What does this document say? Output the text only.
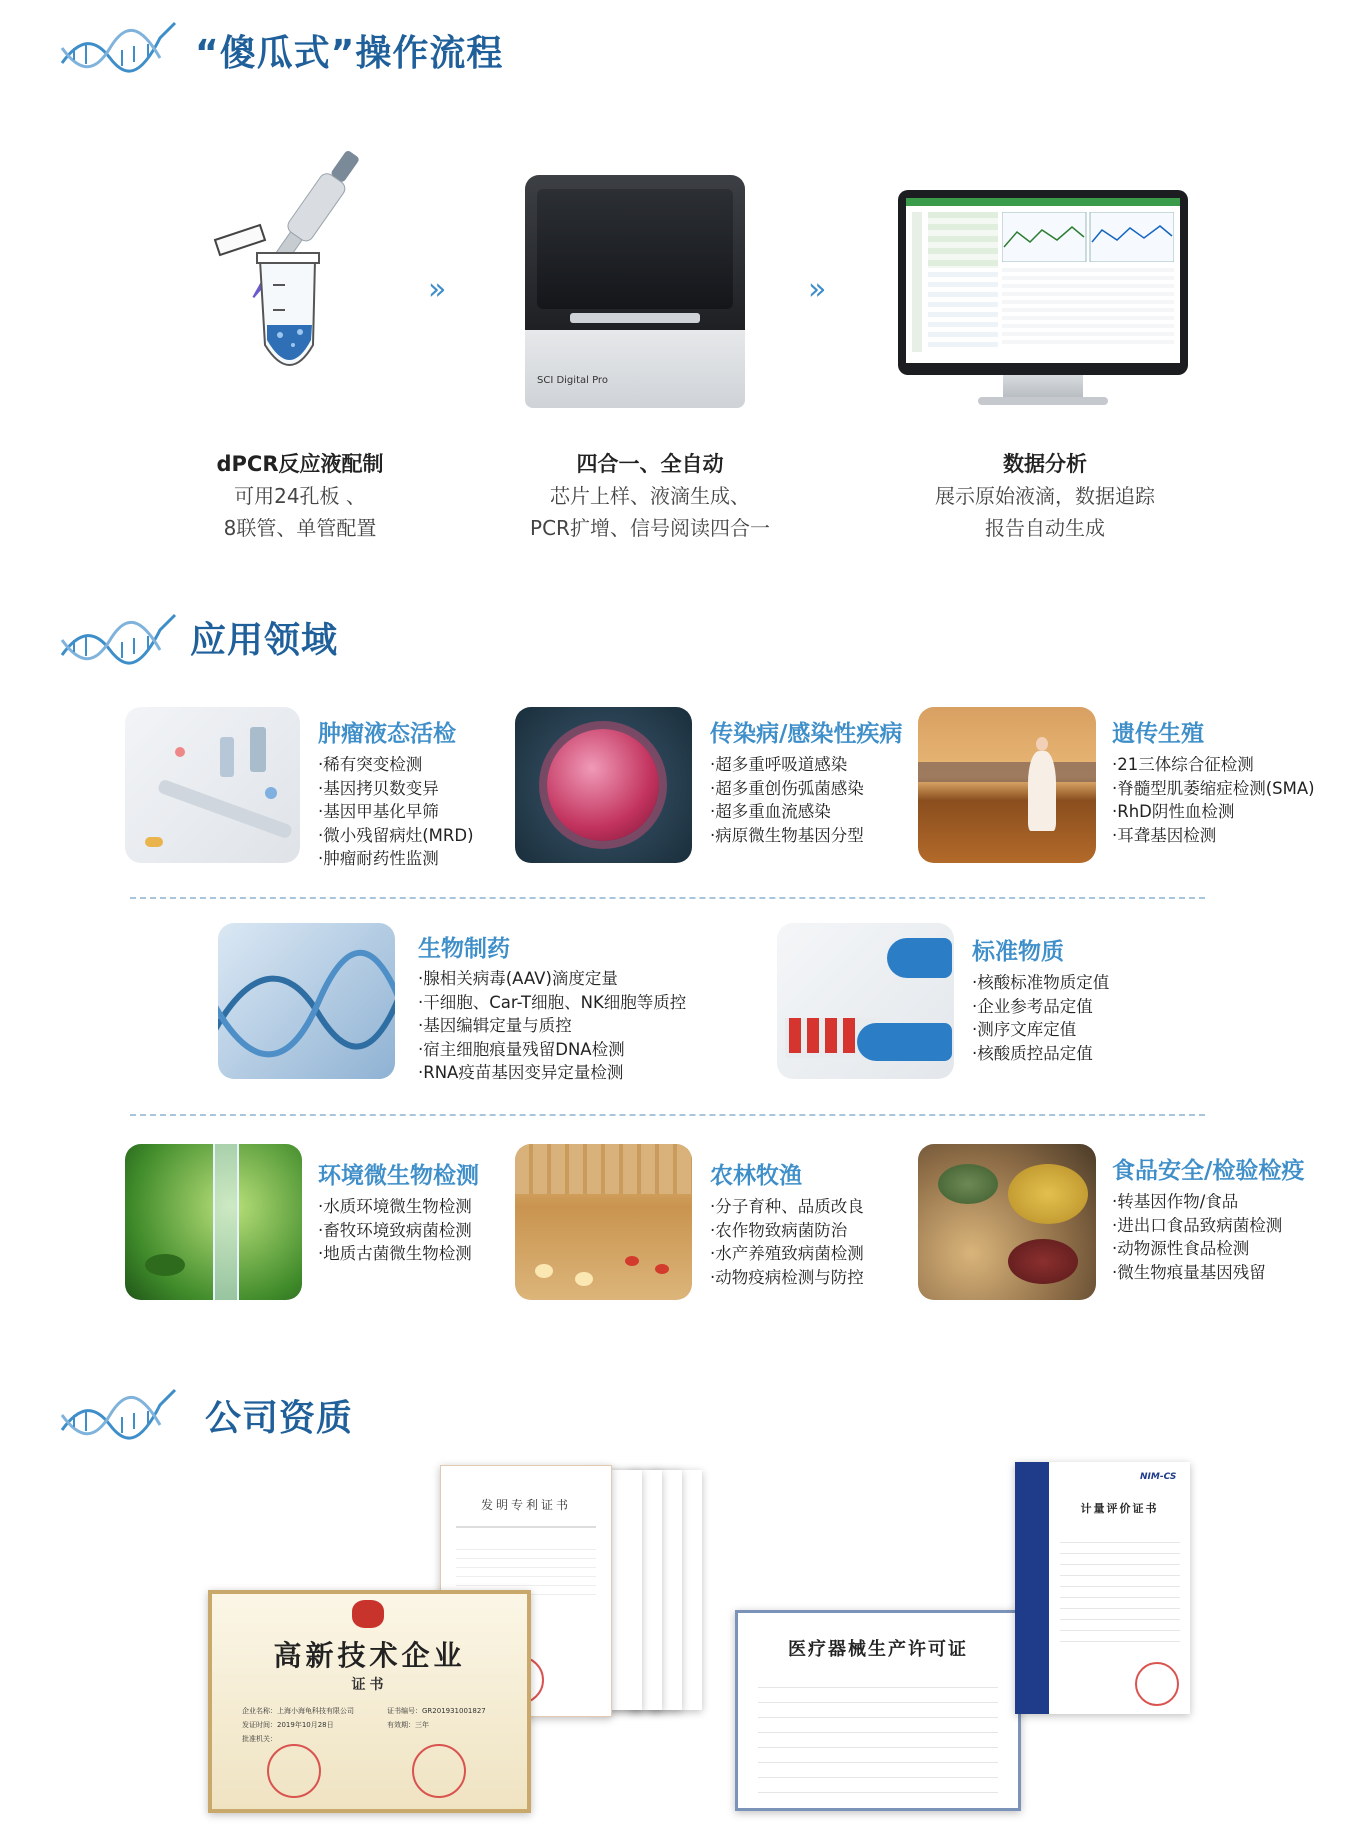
“傻瓜式”操作流程
»	»
SCI Digital Pro
dPCR反应液配制
可用24孔板 、
8联管、单管配置
四合一、全自动
芯片上样、液滴生成、
PCR扩增、信号阅读四合一
数据分析
展示原始液滴，数据追踪
报告自动生成
应用领域
肿瘤液态活检
· 稀有突变检测
· 基因拷贝数变异
· 基因甲基化早筛
· 微小残留病灶(MRD)
· 肿瘤耐药性监测
传染病/感染性疾病
· 超多重呼吸道感染
· 超多重创伤弧菌感染
· 超多重血流感染
· 病原微生物基因分型
遗传生殖
· 21三体综合征检测
· 脊髓型肌萎缩症检测(SMA)
· RhD阴性血检测
· 耳聋基因检测
生物制药
· 腺相关病毒(AAV)滴度定量
· 干细胞、Car-T细胞、NK细胞等质控
· 基因编辑定量与质控
· 宿主细胞痕量残留DNA检测
· RNA疫苗基因变异定量检测
标准物质
· 核酸标准物质定值
· 企业参考品定值
· 测序文库定值
· 核酸质控品定值
环境微生物检测
· 水质环境微生物检测
· 畜牧环境致病菌检测
· 地质古菌微生物检测
农林牧渔
· 分子育种、品质改良
· 农作物致病菌防治
· 水产养殖致病菌检测
· 动物疫病检测与防控
食品安全/检验检疫
· 转基因作物/食品
· 进出口食品致病菌检测
· 动物源性食品检测
· 微生物痕量基因残留
公司资质
发明专利证书
高新技术企业
证书
企业名称：上海小海龟科技有限公司	证书编号：GR201931001827
发证时间：2019年10月28日	有效期：三年
批准机关：
医疗器械生产许可证
NIM-CS
计量评价证书
